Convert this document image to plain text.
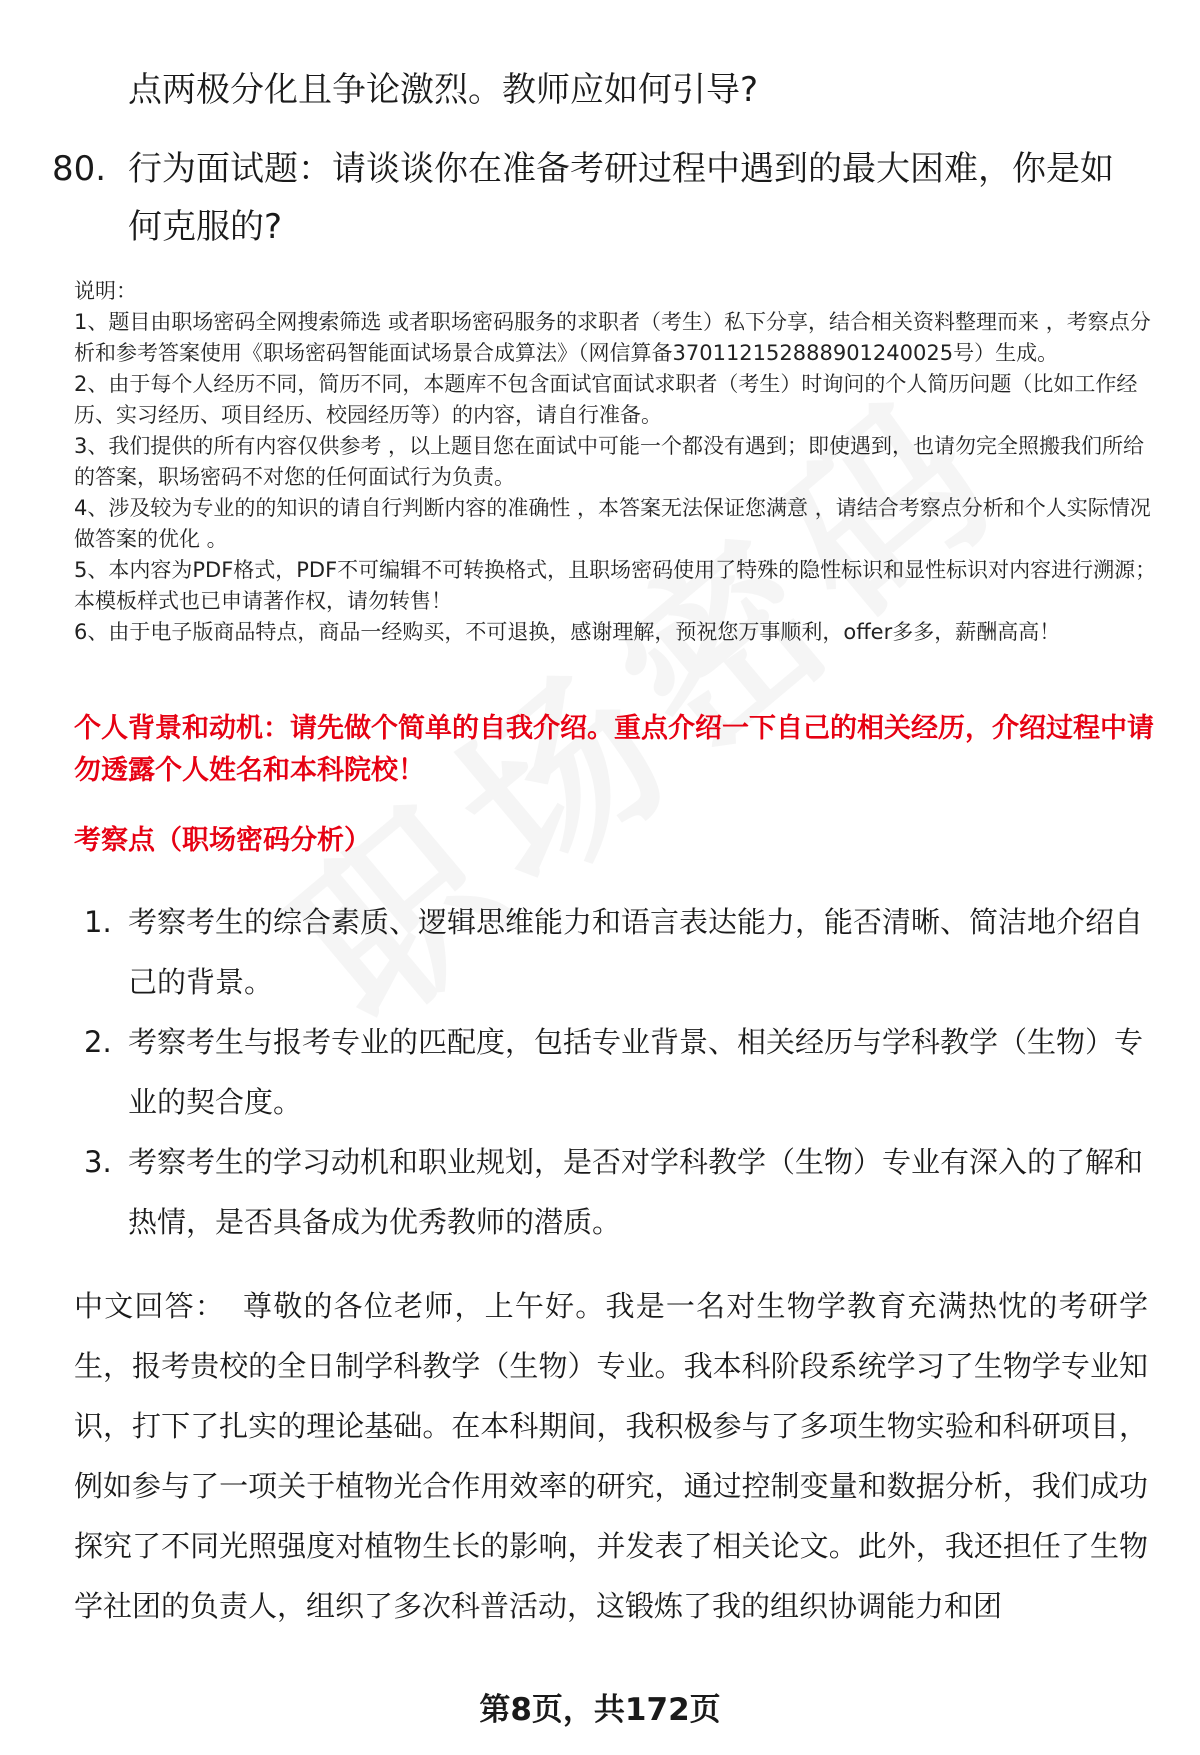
点两极分化且争论激烈。教师应如何引导?
80. 行为面试题：请谈谈你在准备考研过程中遇到的最大困难，你是如何克服的?

说明：

1、题目由职场密码全网搜索筛选 或者职场密码服务的求职者（考生）私下分享，结合相关资料整理而来 ，考察点分析和参考答案使用《职场密码智能面试场景合成算法》（网信算备370112152888901240025号）生成。

2、由于每个人经历不同，简历不同，本题库不包含面试官面试求职者（考生）时询问的个人简历问题（比如工作经历、实习经历、项目经历、校园经历等）的内容，请自行准备。

3、我们提供的所有内容仅供参考 ，以上题目您在面试中可能一个都没有遇到；即使遇到，也请勿完全照搬我们所给的答案，职场密码不对您的任何面试行为负责。

4、涉及较为专业的的知识的请自行判断内容的准确性 ，本答案无法保证您满意 ，请结合考察点分析和个人实际情况做答案的优化 。

5、本内容为PDF格式，PDF不可编辑不可转换格式，且职场密码使用了特殊的隐性标识和显性标识对内容进行溯源；本模板样式也已申请著作权，请勿转售！

6、由于电子版商品特点，商品一经购买，不可退换，感谢理解，预祝您万事顺利，offer多多，薪酬高高！

个人背景和动机：请先做个简单的自我介绍。重点介绍一下自己的相关经历，介绍过程中请勿透露个人姓名和本科院校！
考察点（职场密码分析）
1. 考察考生的综合素质、逻辑思维能力和语言表达能力，能否清晰、简洁地介绍自己的背景。
2. 考察考生与报考专业的匹配度，包括专业背景、相关经历与学科教学（生物）专业的契合度。
3. 考察考生的学习动机和职业规划，是否对学科教学（生物）专业有深入的了解和热情，是否具备成为优秀教师的潜质。
中文回答： 尊敬的各位老师，上午好。我是一名对生物学教育充满热忱的考研学生，报考贵校的全日制学科教学（生物）专业。我本科阶段系统学习了生物学专业知识，打下了扎实的理论基础。在本科期间，我积极参与了多项生物实验和科研项目，例如参与了一项关于植物光合作用效率的研究，通过控制变量和数据分析，我们成功探究了不同光照强度对植物生长的影响，并发表了相关论文。此外，我还担任了生物学社团的负责人，组织了多次科普活动，这锻炼了我的组织协调能力和团
第8页，共172页
